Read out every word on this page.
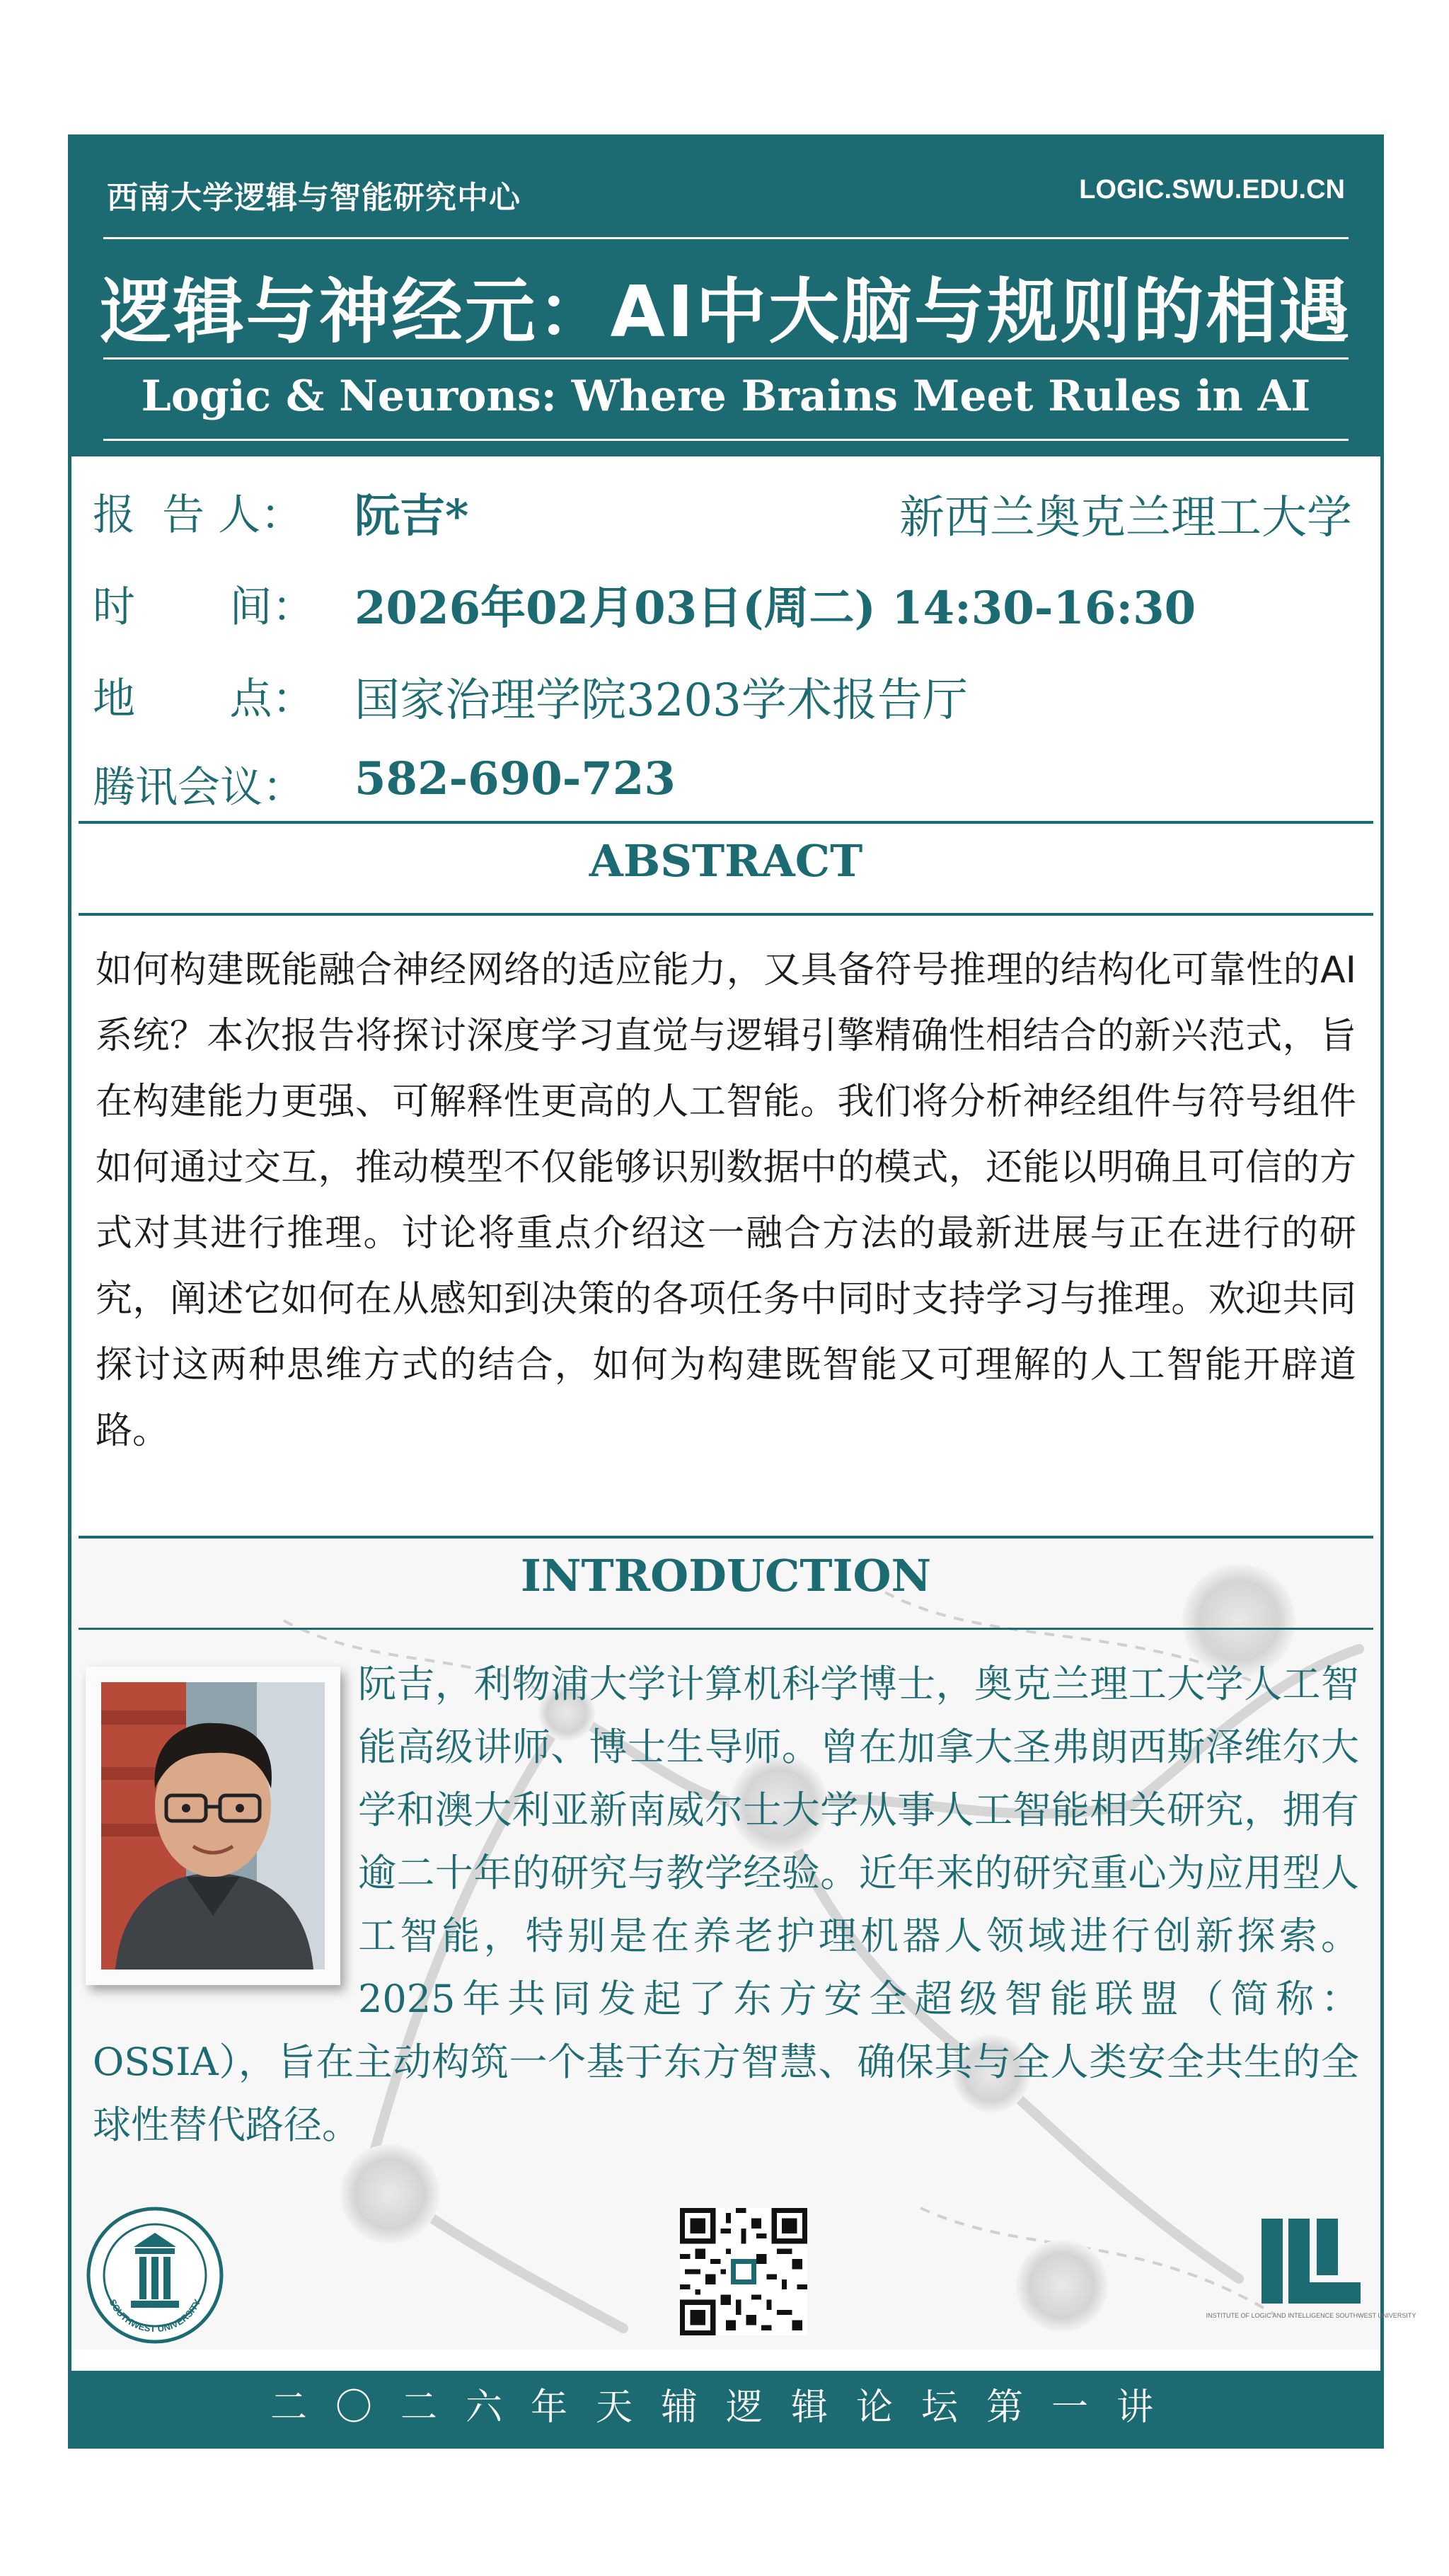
西南大学逻辑与智能研究中心	LOGIC.SWU.EDU.CN
逻辑与神经元：AI中大脑与规则的相遇
Logic & Neurons: Where Brains Meet Rules in AI
报  告 人： 阮吉*	新西兰奥克兰理工大学
时       间： 2026年02月03日(周二) 14:30-16:30
地       点： 国家治理学院3203学术报告厅
腾讯会议： 582-690-723
ABSTRACT
如何构建既能融合神经网络的适应能力，又具备符号推理的结构化可靠性的AI系统？本次报告将探讨深度学习直觉与逻辑引擎精确性相结合的新兴范式，旨在构建能力更强、可解释性更高的人工智能。我们将分析神经组件与符号组件如何通过交互，推动模型不仅能够识别数据中的模式，还能以明确且可信的方式对其进行推理。讨论将重点介绍这一融合方法的最新进展与正在进行的研究，阐述它如何在从感知到决策的各项任务中同时支持学习与推理。欢迎共同探讨这两种思维方式的结合，如何为构建既智能又可理解的人工智能开辟道路。
INTRODUCTION
阮吉，利物浦大学计算机科学博士，奥克兰理工大学人工智能高级讲师、博士生导师。曾在加拿大圣弗朗西斯泽维尔大学和澳大利亚新南威尔士大学从事人工智能相关研究，拥有逾二十年的研究与教学经验。近年来的研究重心为应用型人工智能，特别是在养老护理机器人领域进行创新探索。2025年共同发起了东方安全超级智能联盟（简称：OSSIA），旨在主动构筑一个基于东方智慧、确保其与全人类安全共生的全球性替代路径。
SOUTHWEST UNIVERSITY
INSTITUTE OF LOGIC AND INTELLIGENCE SOUTHWEST UNIVERSITY
二〇二六年天辅逻辑论坛第一讲
